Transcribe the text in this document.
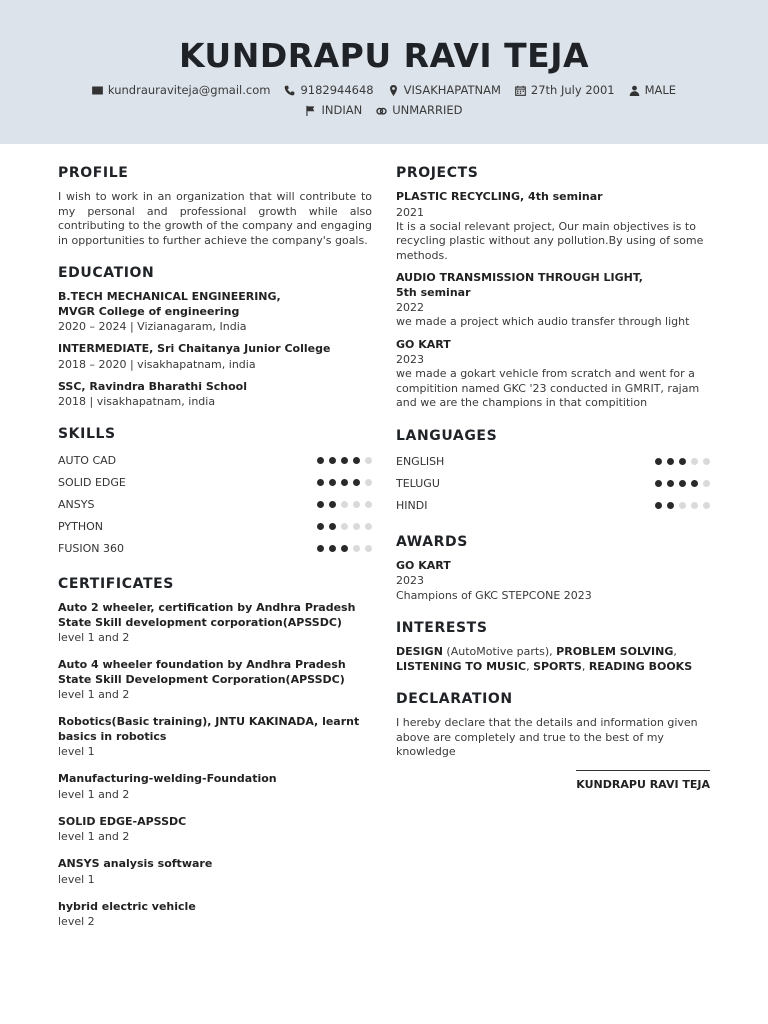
KUNDRAPU RAVI TEJA
kundrauraviteja@gmail.com	9182944648	VISAKHAPATNAM	27th July 2001	MALE
INDIAN	UNMARRIED
PROFILE

I wish to work in an organization that will contribute to my personal and professional growth while also contributing to the growth of the company and engaging in opportunities to further achieve the company's goals.

EDUCATION
B.TECH MECHANICAL ENGINEERING,
MVGR College of engineering
2020 – 2024 | Vizianagaram, India
INTERMEDIATE, Sri Chaitanya Junior College
2018 – 2020 | visakhapatnam, india
SSC, Ravindra Bharathi School
2018 | visakhapatnam, india
SKILLS
AUTO CAD
SOLID EDGE
ANSYS
PYTHON
FUSION 360
CERTIFICATES
Auto 2 wheeler, certification by Andhra Pradesh State Skill development corporation(APSSDC)
level 1 and 2
Auto 4 wheeler foundation by Andhra Pradesh State Skill Development Corporation(APSSDC)
level 1 and 2
Robotics(Basic training), JNTU KAKINADA, learnt basics in robotics
level 1
Manufacturing-welding-Foundation
level 1 and 2
SOLID EDGE-APSSDC
level 1 and 2
ANSYS analysis software
level 1
hybrid electric vehicle
level 2
PROJECTS
PLASTIC RECYCLING, 4th seminar
2021
It is a social relevant project, Our main objectives is to recycling plastic without any pollution.By using of some methods.
AUDIO TRANSMISSION THROUGH LIGHT, 5th seminar
2022
we made a project which audio transfer through light
GO KART
2023
we made a gokart vehicle from scratch and went for a compitition named GKC '23 conducted in GMRIT, rajam and we are the champions in that compitition
LANGUAGES
ENGLISH
TELUGU
HINDI
AWARDS
GO KART
2023
Champions of GKC STEPCONE 2023
INTERESTS

DESIGN (AutoMotive parts), PROBLEM SOLVING, LISTENING TO MUSIC, SPORTS, READING BOOKS

DECLARATION

I hereby declare that the details and information given above are completely and true to the best of my knowledge

KUNDRAPU RAVI TEJA
